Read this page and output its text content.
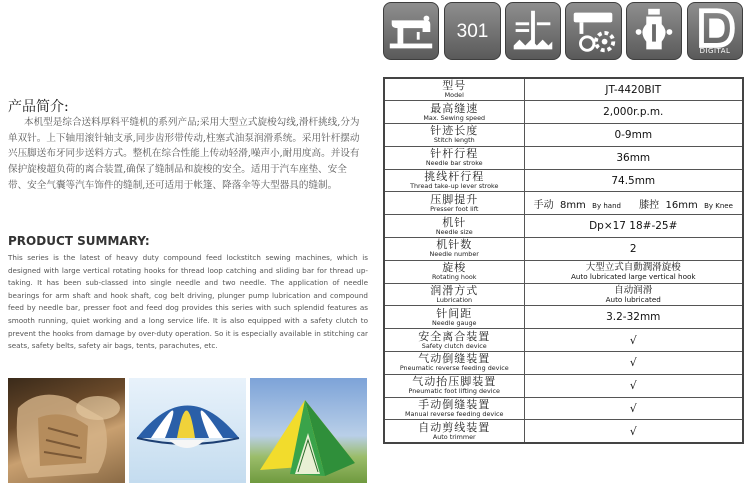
产品简介:
本机型是综合送料厚料平缝机的系列产品;采用大型立式旋梭勾线,滑杆挑线,分为单双针。上下轴用滚针轴支承,同步齿形带传动,柱塞式油泵润滑系统。采用针杆摆动兴压脚送布牙同步送料方式。整机在综合性能上传动轻滑,噪声小,耐用度高。并设有保护旋梭超负荷的离合装置,确保了缝制品和旋梭的安全。适用于汽车座垫、安全带、安全气囊等汽车饰件的缝制,还可适用于帐篷、降落伞等大型器具的缝制。
PRODUCT SUMMARY:
This series is the latest of heavy duty compound feed lockstitch sewing machines, which is designed with large vertical rotating hooks for thread loop catching and sliding bar for thread up-taking. It has been sub-classed into single needle and two needle. The application of needle bearings for arm shaft and hook shaft, cog belt driving, plunger pump lubrication and compound feed by needle bar, presser foot and feed dog provides this series with such splendid features as smooth running, quiet working and a long service life. It is also equipped with a safety clutch to prevent the hooks from damage by over-duty operation. So it is especially available in stitching car seats, safety belts, safety air bags, tents, parachutes, etc.
301
DIGITAL
型号
Model	JT-4420BIT

最高缝速
Max. Sewing speed	2,000r.p.m.

针迹长度
Stitch length	0-9mm

针杆行程
Needle bar stroke	36mm

挑线杆行程
Thread take-up lever stroke	74.5mm

压脚提升
Presser foot lift	手动 8mm By hand 膝控 16mm By Knee

机针
Needle size	Dp×17 18#-25#

机针数
Needle number	2

旋梭
Rotating hook	大型立式自動潤滑旋梭
Auto lubricated large vertical hook

润滑方式
Lubrication	自动润滑
Auto lubricated

针间距
Needle gauge	3.2-32mm

安全离合装置
Safety clutch device	√

气动倒缝装置
Pneumatic reverse feeding device	√

气动抬压脚装置
Pneumatic foot lifting device	√

手动倒缝装置
Manual reverse feeding device	√

自动剪线装置
Auto trimmer	√
